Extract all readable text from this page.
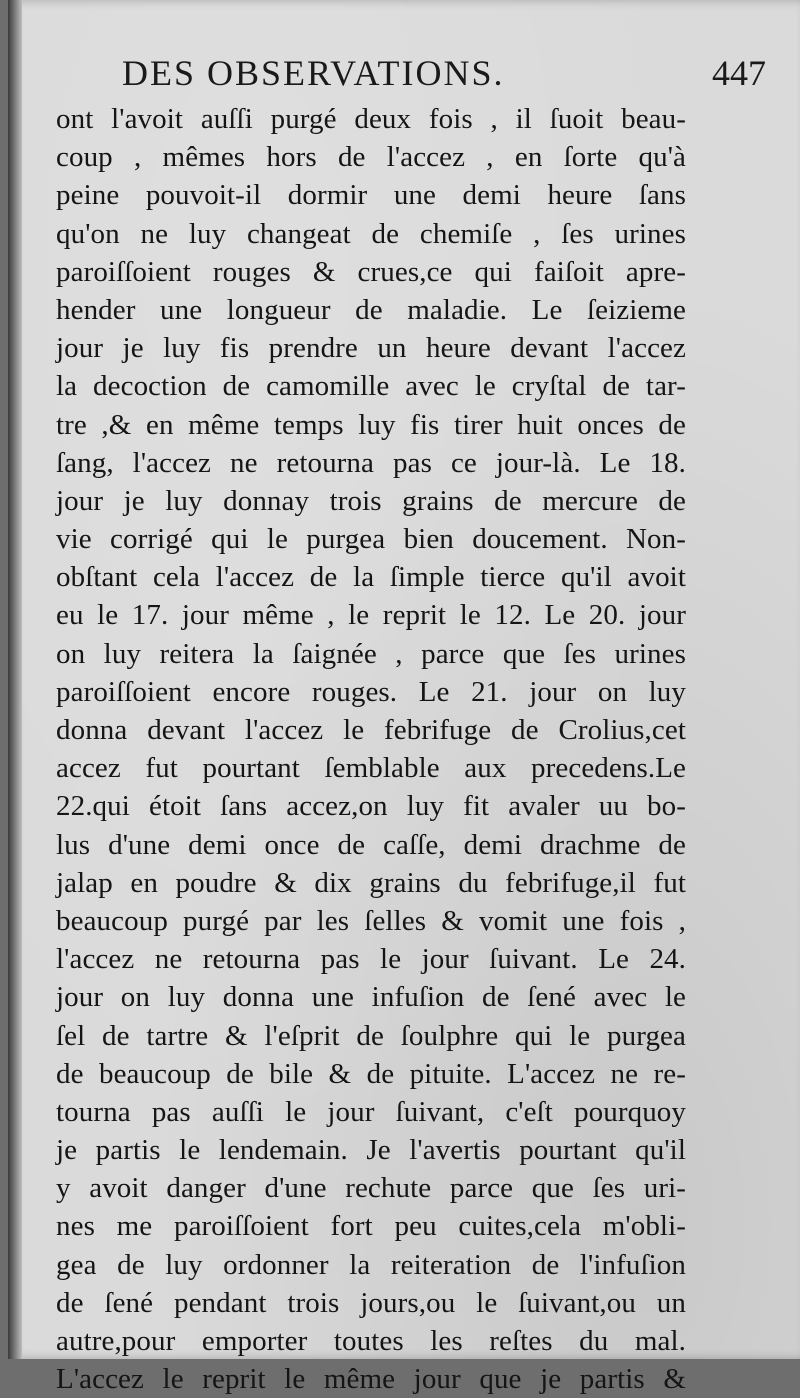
DES OBSERVATIONS.	447
ont l'avoit auſſi purgé deux fois , il ſuoit beau-
coup , mêmes hors de l'accez , en ſorte qu'à
peine pouvoit-il dormir une demi heure ſans
qu'on ne luy changeat de chemiſe , ſes urines
paroiſſoient rouges & crues,ce qui faiſoit apre-
hender une longueur de maladie. Le ſeizieme
jour je luy fis prendre un heure devant l'accez
la decoction de camomille avec le cryſtal de tar-
tre ,& en même temps luy fis tirer huit onces de
ſang, l'accez ne retourna pas ce jour-là. Le 18.
jour je luy donnay trois grains de mercure de
vie corrigé qui le purgea bien doucement. Non-
obſtant cela l'accez de la ſimple tierce qu'il avoit
eu le 17. jour même , le reprit le 12. Le 20. jour
on luy reitera la ſaignée , parce que ſes urines
paroiſſoient encore rouges. Le 21. jour on luy
donna devant l'accez le febrifuge de Crolius,cet
accez fut pourtant ſemblable aux precedens.Le
22.qui étoit ſans accez,on luy fit avaler uu bo-
lus d'une demi once de caſſe, demi drachme de
jalap en poudre & dix grains du febrifuge,il fut
beaucoup purgé par les ſelles & vomit une fois ,
l'accez ne retourna pas le jour ſuivant. Le 24.
jour on luy donna une infuſion de ſené avec le
ſel de tartre & l'eſprit de ſoulphre qui le purgea
de beaucoup de bile & de pituite. L'accez ne re-
tourna pas auſſi le jour ſuivant, c'eſt pourquoy
je partis le lendemain. Je l'avertis pourtant qu'il
y avoit danger d'une rechute parce que ſes uri-
nes me paroiſſoient fort peu cuites,cela m'obli-
gea de luy ordonner la reiteration de l'infuſion
de ſené pendant trois jours,ou le ſuivant,ou un
autre,pour emporter toutes les reſtes du mal.
L'accez le reprit le même jour que je partis &
